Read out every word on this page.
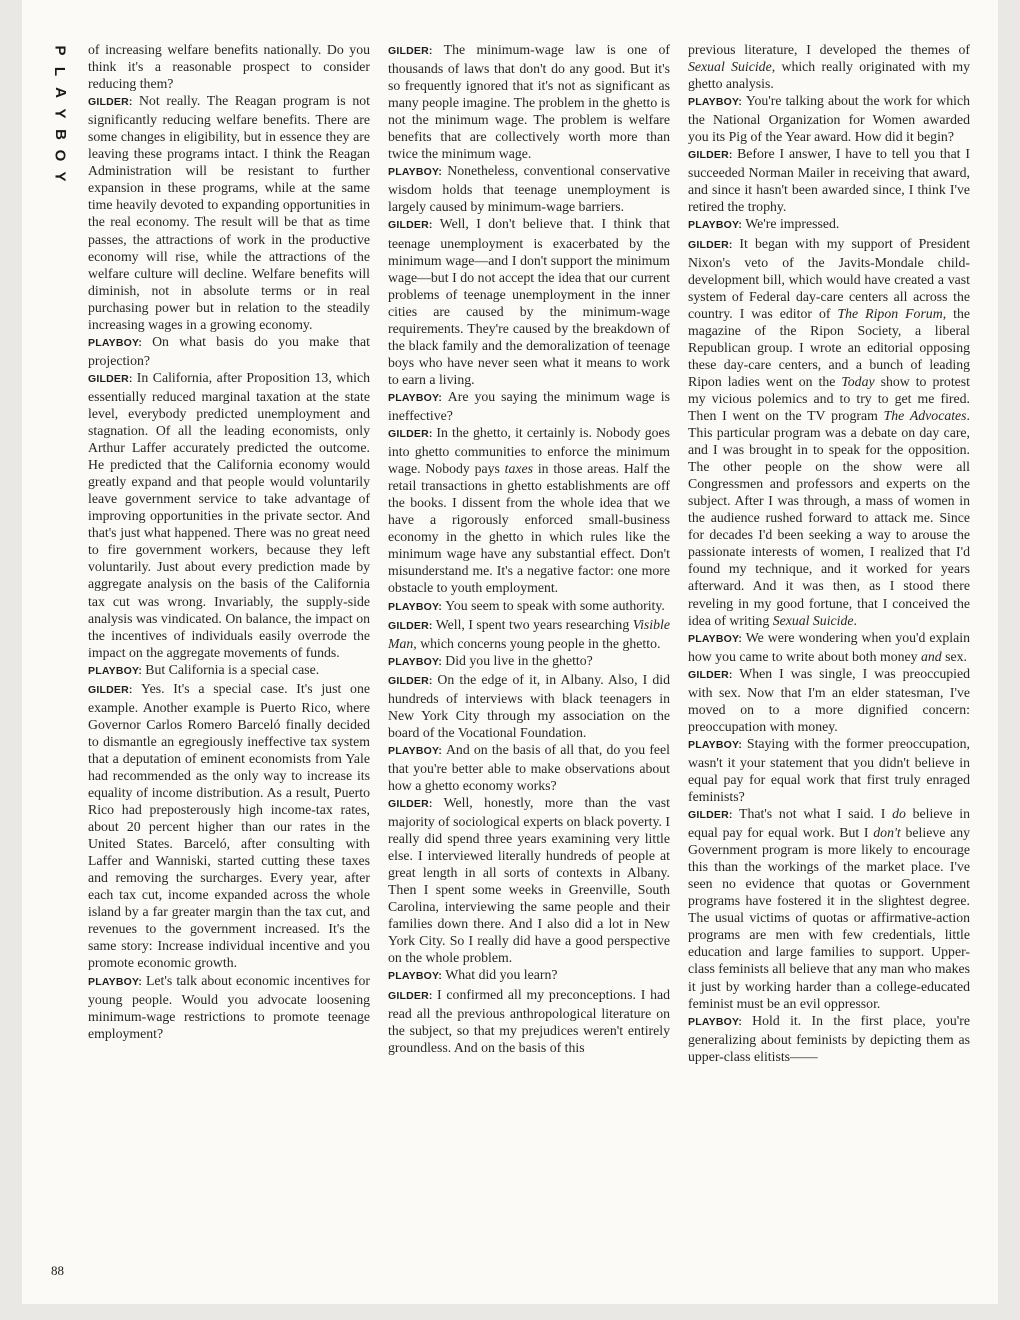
P
L
A
Y
B
O
Y
88

of increasing welfare benefits nationally. Do you think it's a reasonable prospect to consider reducing them?

GILDER : Not really. The Reagan program is not significantly reducing welfare benefits. There are some changes in eligibility, but in essence they are leaving these programs intact. I think the Reagan Administration will be resistant to further expansion in these programs, while at the same time heavily devoted to expanding opportunities in the real economy. The result will be that as time passes, the attractions of work in the productive economy will rise, while the attractions of the welfare culture will decline. Welfare benefits will diminish, not in absolute terms or in real purchasing power but in relation to the steadily increasing wages in a growing economy.

PLAYBOY : On what basis do you make that projection?

GILDER : In California, after Proposition 13, which essentially reduced marginal taxation at the state level, everybody predicted unemployment and stagnation. Of all the leading economists, only Arthur Laffer accurately predicted the outcome. He predicted that the California economy would greatly expand and that people would voluntarily leave government service to take advantage of improving opportunities in the private sector. And that's just what happened. There was no great need to fire government workers, because they left voluntarily. Just about every prediction made by aggregate analysis on the basis of the California tax cut was wrong. Invariably, the supply-side analysis was vindicated. On balance, the impact on the incentives of individuals easily overrode the impact on the aggregate movements of funds.

PLAYBOY : But California is a special case.

GILDER : Yes. It's a special case. It's just one example. Another example is Puerto Rico, where Governor Carlos Romero Barceló finally decided to dismantle an egregiously ineffective tax system that a deputation of eminent economists from Yale had recommended as the only way to increase its equality of income distribution. As a result, Puerto Rico had preposterously high income-tax rates, about 20 percent higher than our rates in the United States. Barceló, after consulting with Laffer and Wanniski, started cutting these taxes and removing the surcharges. Every year, after each tax cut, income expanded across the whole island by a far greater margin than the tax cut, and revenues to the government increased. It's the same story: Increase individual incentive and you promote economic growth.

PLAYBOY : Let's talk about economic incentives for young people. Would you advocate loosening minimum-wage restrictions to promote teenage employment?

GILDER : The minimum-wage law is one of thousands of laws that don't do any good. But it's so frequently ignored that it's not as significant as many people imagine. The problem in the ghetto is not the minimum wage. The problem is welfare benefits that are collectively worth more than twice the minimum wage.

PLAYBOY : Nonetheless, conventional conservative wisdom holds that teenage unemployment is largely caused by minimum-wage barriers.

GILDER : Well, I don't believe that. I think that teenage unemployment is exacerbated by the minimum wage—and I don't support the minimum wage—but I do not accept the idea that our current problems of teenage unemployment in the inner cities are caused by the minimum-wage requirements. They're caused by the breakdown of the black family and the demoralization of teenage boys who have never seen what it means to work to earn a living.

PLAYBOY : Are you saying the minimum wage is ineffective?

GILDER : In the ghetto, it certainly is. Nobody goes into ghetto communities to enforce the minimum wage. Nobody pays taxes in those areas. Half the retail transactions in ghetto establishments are off the books. I dissent from the whole idea that we have a rigorously enforced small-business economy in the ghetto in which rules like the minimum wage have any substantial effect. Don't misunderstand me. It's a negative factor: one more obstacle to youth employment.

PLAYBOY : You seem to speak with some authority.

GILDER : Well, I spent two years researching Visible Man, which concerns young people in the ghetto.

PLAYBOY : Did you live in the ghetto?

GILDER : On the edge of it, in Albany. Also, I did hundreds of interviews with black teenagers in New York City through my association on the board of the Vocational Foundation.

PLAYBOY : And on the basis of all that, do you feel that you're better able to make observations about how a ghetto economy works?

GILDER : Well, honestly, more than the vast majority of sociological experts on black poverty. I really did spend three years examining very little else. I interviewed literally hundreds of people at great length in all sorts of contexts in Albany. Then I spent some weeks in Greenville, South Carolina, interviewing the same people and their families down there. And I also did a lot in New York City. So I really did have a good perspective on the whole problem.

PLAYBOY : What did you learn?

GILDER : I confirmed all my preconceptions. I had read all the previous anthropological literature on the subject, so that my prejudices weren't entirely groundless. And on the basis of this

previous literature, I developed the themes of Sexual Suicide, which really originated with my ghetto analysis.

PLAYBOY : You're talking about the work for which the National Organization for Women awarded you its Pig of the Year award. How did it begin?

GILDER : Before I answer, I have to tell you that I succeeded Norman Mailer in receiving that award, and since it hasn't been awarded since, I think I've retired the trophy.

PLAYBOY : We're impressed.

GILDER : It began with my support of President Nixon's veto of the Javits-Mondale child-development bill, which would have created a vast system of Federal day-care centers all across the country. I was editor of The Ripon Forum, the magazine of the Ripon Society, a liberal Republican group. I wrote an editorial opposing these day-care centers, and a bunch of leading Ripon ladies went on the Today show to protest my vicious polemics and to try to get me fired. Then I went on the TV program The Advocates. This particular program was a debate on day care, and I was brought in to speak for the opposition. The other people on the show were all Congressmen and professors and experts on the subject. After I was through, a mass of women in the audience rushed forward to attack me. Since for decades I'd been seeking a way to arouse the passionate interests of women, I realized that I'd found my technique, and it worked for years afterward. And it was then, as I stood there reveling in my good fortune, that I conceived the idea of writing Sexual Suicide.

PLAYBOY : We were wondering when you'd explain how you came to write about both money and sex.

GILDER : When I was single, I was preoccupied with sex. Now that I'm an elder statesman, I've moved on to a more dignified concern: preoccupation with money.

PLAYBOY : Staying with the former preoccupation, wasn't it your statement that you didn't believe in equal pay for equal work that first truly enraged feminists?

GILDER : That's not what I said. I do believe in equal pay for equal work. But I don't believe any Government program is more likely to encourage this than the workings of the market place. I've seen no evidence that quotas or Government programs have fostered it in the slightest degree. The usual victims of quotas or affirmative-action programs are men with few credentials, little education and large families to support. Upper-class feminists all believe that any man who makes it just by working harder than a college-educated feminist must be an evil oppressor.

PLAYBOY : Hold it. In the first place, you're generalizing about feminists by depicting them as upper-class elitists——
